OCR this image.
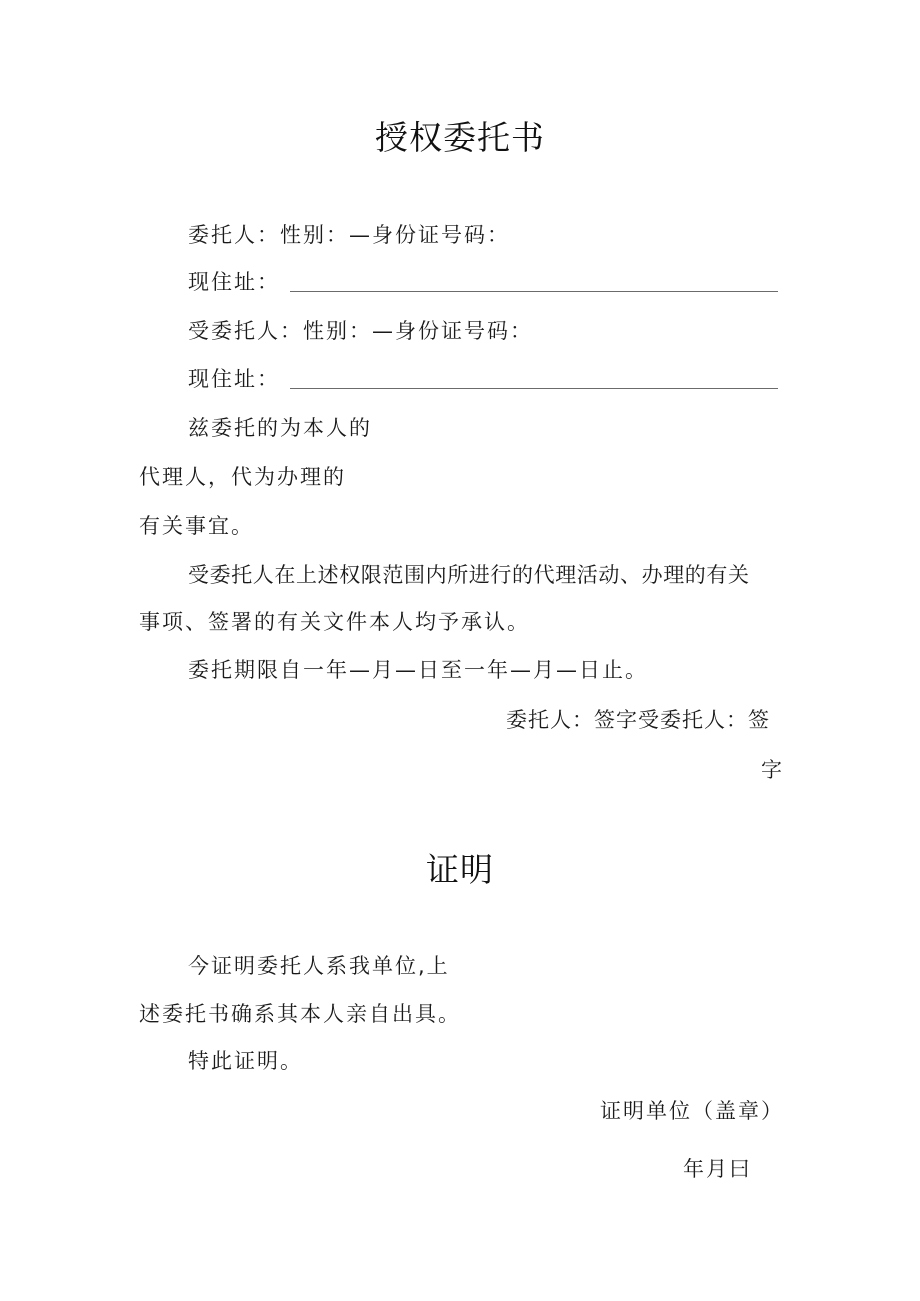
授权委托书
委托人：性别：—身份证号码：
现住址：
受委托人：性别：—身份证号码：
现住址：
兹委托的为本人的
代理人，代为办理的
有关事宜。
受委托人在上述权限范围内所进行的代理活动、办理的有关
事项、签署的有关文件本人均予承认。
委托期限自一年—月—日至一年—月—日止。
委托人：签字受委托人：签
字
证明
今证明委托人系我单位,上
述委托书确系其本人亲自出具。
特此证明。
证明单位（盖章）
年月曰
